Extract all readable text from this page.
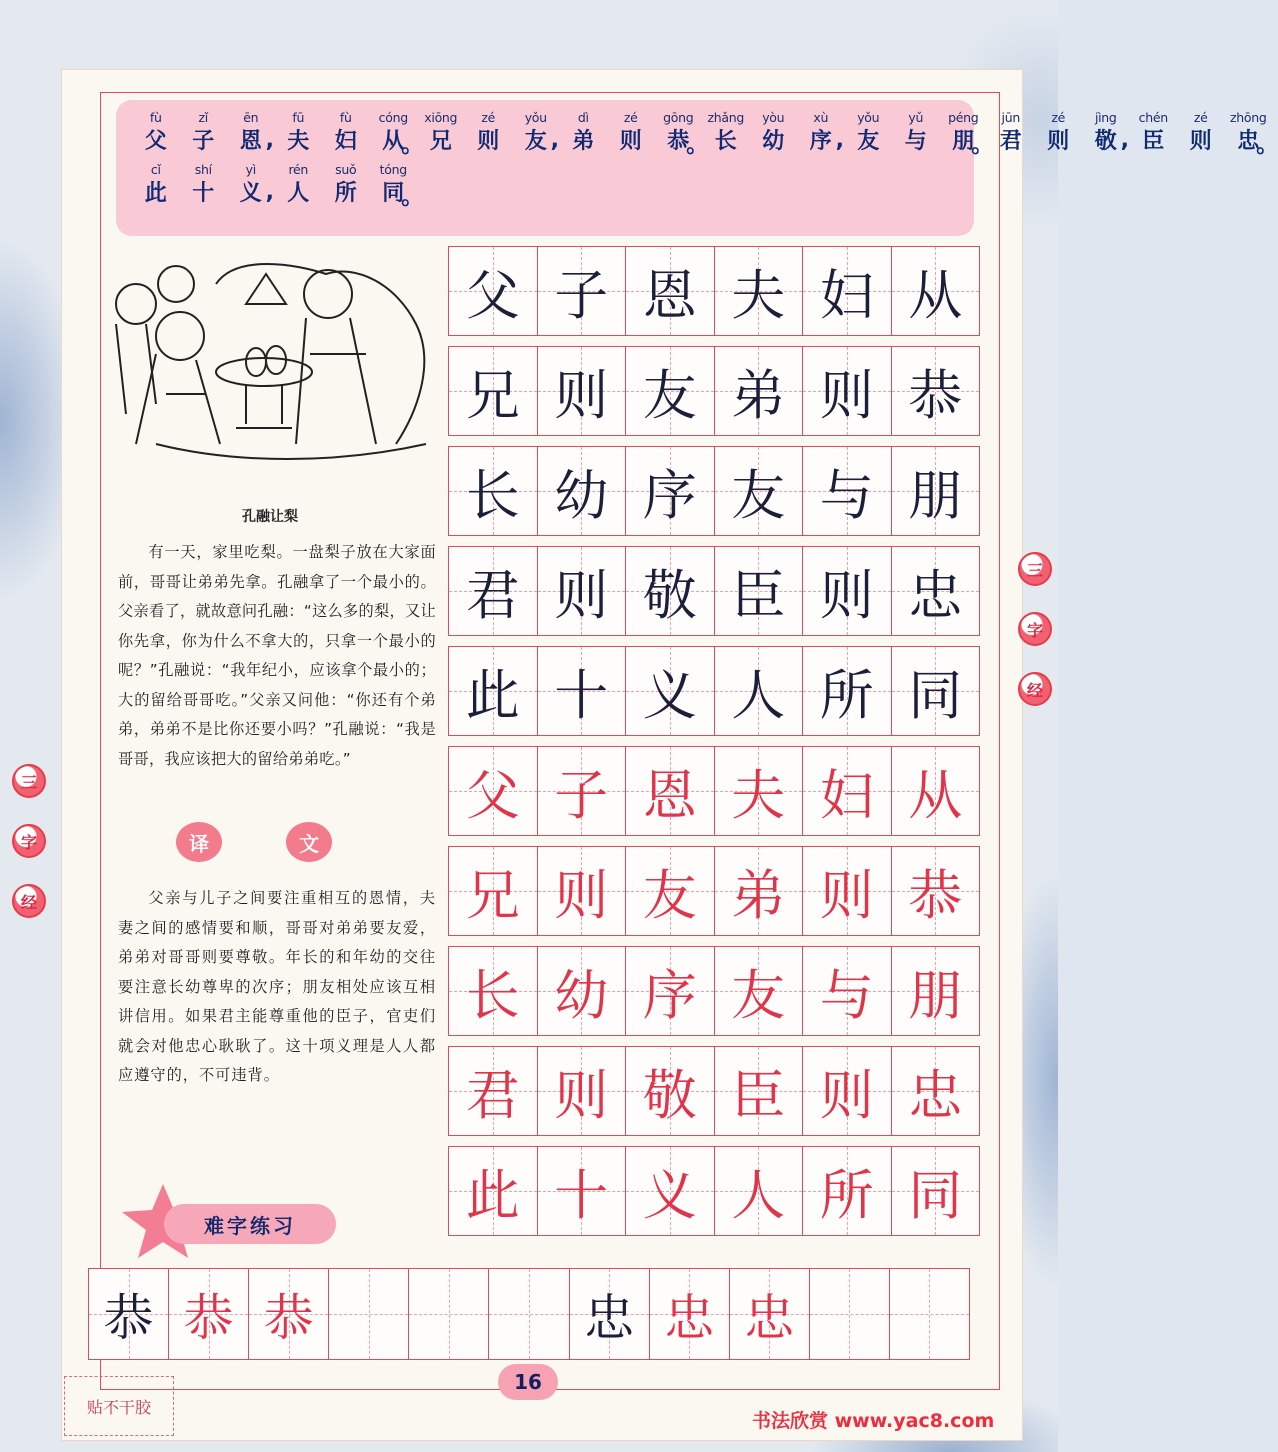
fù
父
zǐ
子
ēn
恩 ,
fū
夫
fù
妇
cóng
从
。
xiōng
兄
zé
则
yǒu
友 ,
dì
弟
zé
则
gōng
恭
。
zhǎng
长
yòu
幼
xù
序 ,
yǒu
友
yǔ
与
péng
朋
。
jūn
君
zé
则
jìng
敬 ,
chén
臣
zé
则
zhōng
忠
。
cǐ
此
shí
十
yì
义 ,
rén
人
suǒ
所
tóng
同
。
孔融让梨

有一天，家里吃梨。一盘梨子放在大家面前，哥哥让弟弟先拿。孔融拿了一个最小的。父亲看了，就故意问孔融：“这么多的梨，又让你先拿，你为什么不拿大的，只拿一个最小的呢？”孔融说：“我年纪小，应该拿个最小的；大的留给哥哥吃。”父亲又问他：“你还有个弟弟，弟弟不是比你还要小吗？”孔融说：“我是哥哥，我应该把大的留给弟弟吃。”

译	文

父亲与儿子之间要注重相互的恩情，夫妻之间的感情要和顺，哥哥对弟弟要友爱，弟弟对哥哥则要尊敬。年长的和年幼的交往要注意长幼尊卑的次序；朋友相处应该互相讲信用。如果君主能尊重他的臣子，官吏们就会对他忠心耿耿了。这十项义理是人人都应遵守的，不可违背。

三
字
经
三
字
经
父 子 恩 夫 妇 从
兄 则 友 弟 则 恭
长 幼 序 友 与 朋
君 则 敬 臣 则 忠
此 十 义 人 所 同
父 子 恩 夫 妇 从
兄 则 友 弟 则 恭
长 幼 序 友 与 朋
君 则 敬 臣 则 忠
此 十 义 人 所 同
难字练习
恭 恭 恭	忠 忠 忠
贴不干胶
16
书法欣赏 www.yac8.com
